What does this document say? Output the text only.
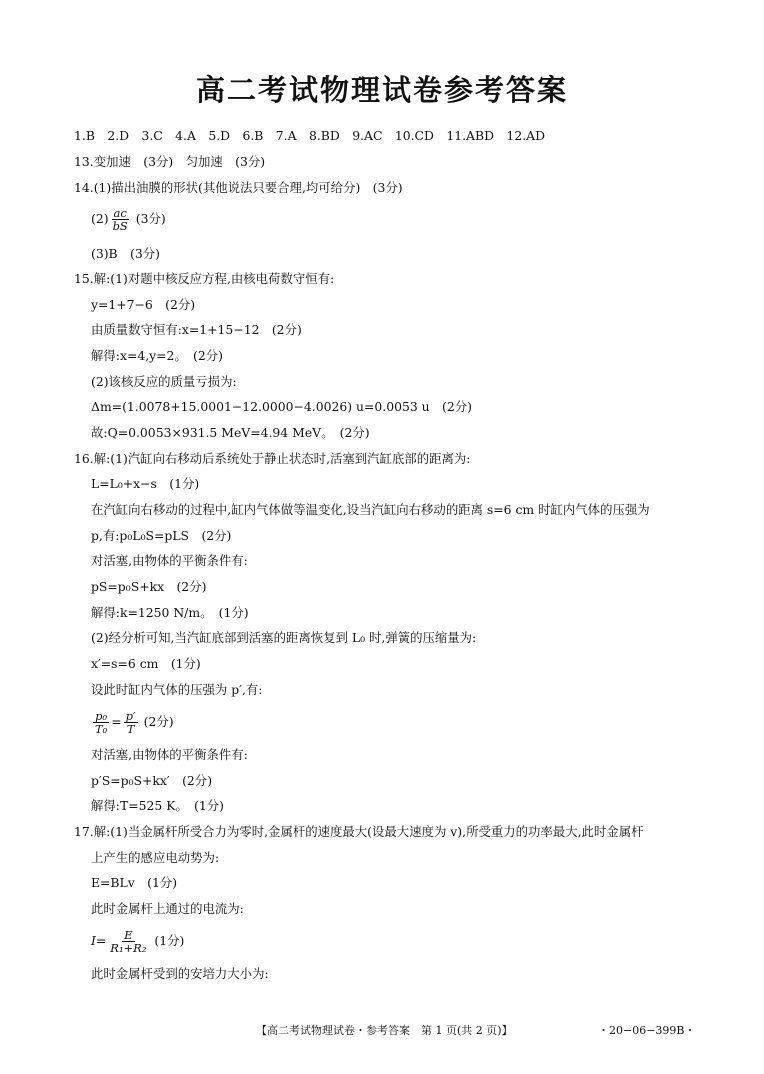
高二考试物理试卷参考答案
1.B　2.D　3.C　4.A　5.D　6.B　7.A　8.BD　9.AC　10.CD　11.ABD　12.AD
13.变加速　(3分)　匀加速　(3分)
14.(1)描出油膜的形状(其他说法只要合理,均可给分)　(3分)
$(2) \frac{ac}{bS} (3$分)
(3)B　(3分)
15.解:(1)对题中核反应方程,由核电荷数守恒有:
y=1+7−6　(2分)
由质量数守恒有:x=1+15−12　(2分)
解得:x=4,y=2。　(2分)
(2)该核反应的质量亏损为:
Δm=(1.0078+15.0001−12.0000−4.0026) u=0.0053 u　(2分)
故:Q=0.0053×931.5 MeV=4.94 MeV。　(2分)
16.解:(1)汽缸向右移动后系统处于静止状态时,活塞到汽缸底部的距离为:
L=L₀+x−s　(1分)
在汽缸向右移动的过程中,缸内气体做等温变化,设当汽缸向右移动的距离 s=6 cm 时缸内气体的压强为
p,有:p₀L₀S=pLS　(2分)
对活塞,由物体的平衡条件有:
pS=p₀S+kx　(2分)
解得:k=1250 N/m。　(1分)
(2)经分析可知,当汽缸底部到活塞的距离恢复到 L₀ 时,弹簧的压缩量为:
x′=s=6 cm　(1分)
设此时缸内气体的压强为 p′,有:
$\frac{\text{p₀}}{\text{T₀}} = \frac{p'}{T} (2$分)
对活塞,由物体的平衡条件有:
p′S=p₀S+kx′　(2分)
解得:T=525 K。　(1分)
17.解:(1)当金属杆所受合力为零时,金属杆的速度最大(设最大速度为 v),所受重力的功率最大,此时金属杆
上产生的感应电动势为:
E=BLv　(1分)
此时金属杆上通过的电流为:
$I= \frac{E}{\text{R₁+R₂}} (1$分)
此时金属杆受到的安培力大小为:
【高二考试物理试卷・参考答案　第 1 页(共 2 页)】	・20−06−399B・
